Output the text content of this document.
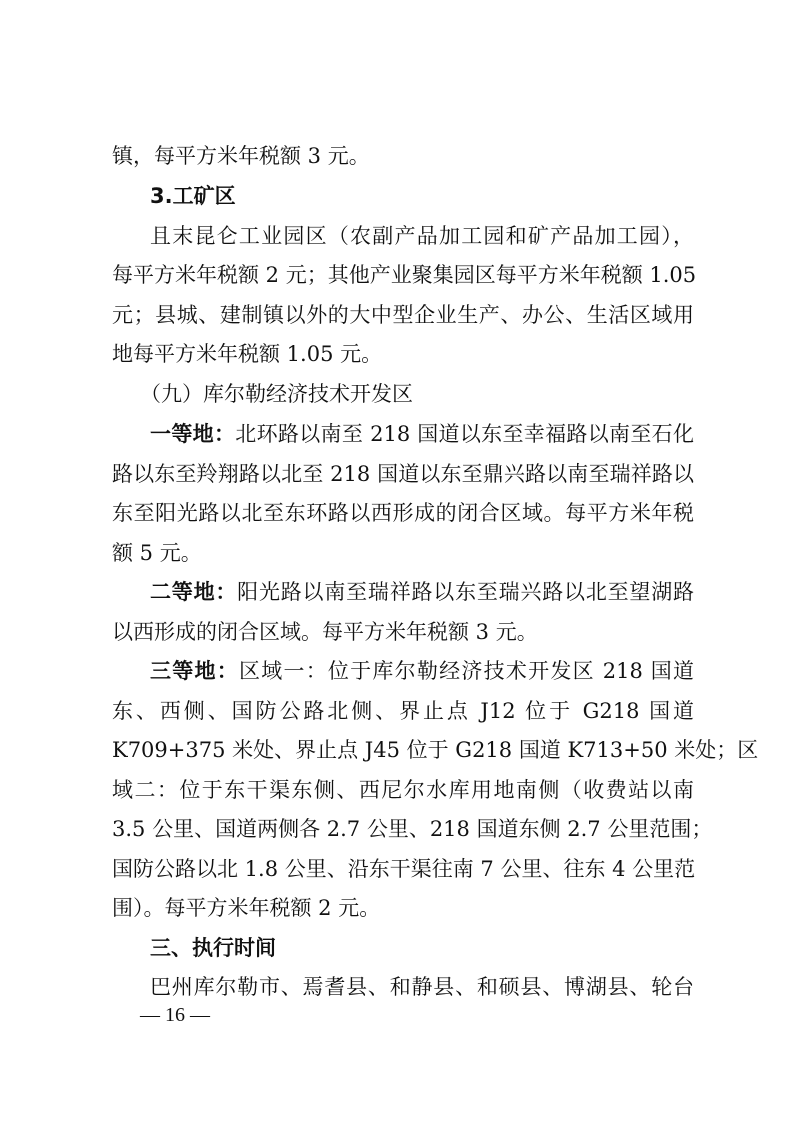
镇，每平方米年税额 3 元。

3.工矿区

且末昆仑工业园区（农副产品加工园和矿产品加工园），

每平方米年税额 2 元；其他产业聚集园区每平方米年税额 1.05

元；县城、建制镇以外的大中型企业生产、办公、生活区域用

地每平方米年税额 1.05 元。

（九）库尔勒经济技术开发区

一等地：北环路以南至 218 国道以东至幸福路以南至石化

路以东至羚翔路以北至 218 国道以东至鼎兴路以南至瑞祥路以

东至阳光路以北至东环路以西形成的闭合区域。每平方米年税

额 5 元。

二等地：阳光路以南至瑞祥路以东至瑞兴路以北至望湖路

以西形成的闭合区域。每平方米年税额 3 元。

三等地：区域一：位于库尔勒经济技术开发区 218 国道

东、西侧、国防公路北侧、界止点 J12 位于 G218 国道

K709+375 米处、界止点 J45 位于 G218 国道 K713+50 米处；区

域二：位于东干渠东侧、西尼尔水库用地南侧（收费站以南

3.5 公里、国道两侧各 2.7 公里、218 国道东侧 2.7 公里范围；

国防公路以北 1.8 公里、沿东干渠往南 7 公里、往东 4 公里范

围）。每平方米年税额 2 元。

三、执行时间

巴州库尔勒市、焉耆县、和静县、和硕县、博湖县、轮台

— 16 —
